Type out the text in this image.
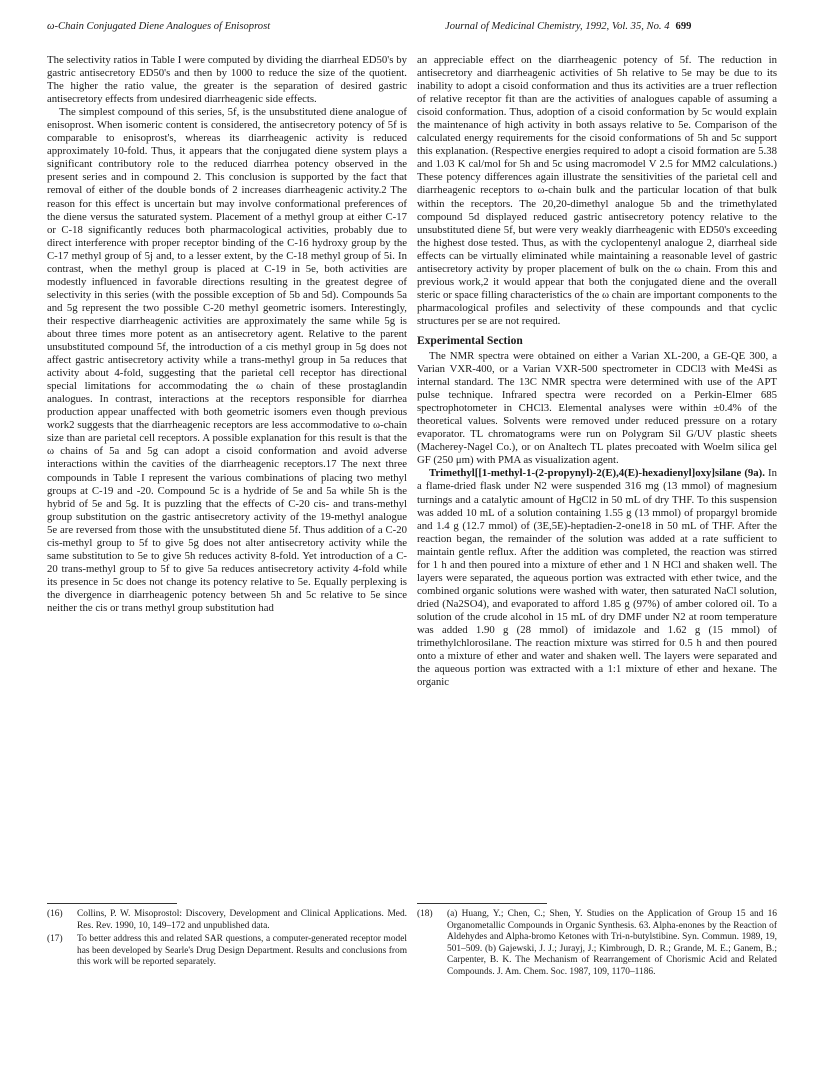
ω-Chain Conjugated Diene Analogues of Enisoprost	Journal of Medicinal Chemistry, 1992, Vol. 35, No. 4 699

The selectivity ratios in Table I were computed by dividing the diarrheal ED50's by gastric antisecretory ED50's and then by 1000 to reduce the size of the quotient. The higher the ratio value, the greater is the separation of desired gastric antisecretory effects from undesired diarrheagenic side effects.

The simplest compound of this series, 5f, is the unsubstituted diene analogue of enisoprost. When isomeric content is considered, the antisecretory potency of 5f is comparable to enisoprost's, whereas its diarrheagenic activity is reduced approximately 10-fold. Thus, it appears that the conjugated diene system plays a significant contributory role to the reduced diarrhea potency observed in the present series and in compound 2. This conclusion is supported by the fact that removal of either of the double bonds of 2 increases diarrheagenic activity.2 The reason for this effect is uncertain but may involve conformational preferences of the diene versus the saturated system. Placement of a methyl group at either C-17 or C-18 significantly reduces both pharmacological activities, probably due to direct interference with proper receptor binding of the C-16 hydroxy group by the C-17 methyl group of 5j and, to a lesser extent, by the C-18 methyl group of 5i. In contrast, when the methyl group is placed at C-19 in 5e, both activities are modestly influenced in favorable directions resulting in the greatest degree of selectivity in this series (with the possible exception of 5b and 5d). Compounds 5a and 5g represent the two possible C-20 methyl geometric isomers. Interestingly, their respective diarrheagenic activities are approximately the same while 5g is about three times more potent as an antisecretory agent. Relative to the parent unsubstituted compound 5f, the introduction of a cis methyl group in 5g does not affect gastric antisecretory activity while a trans-methyl group in 5a reduces that activity about 4-fold, suggesting that the parietal cell receptor has directional special limitations for accommodating the ω chain of these prostaglandin analogues. In contrast, interactions at the receptors responsible for diarrhea production appear unaffected with both geometric isomers even though previous work2 suggests that the diarrheagenic receptors are less accommodative to ω-chain size than are parietal cell receptors. A possible explanation for this result is that the ω chains of 5a and 5g can adopt a cisoid conformation and avoid adverse interactions within the cavities of the diarrheagenic receptors.17 The next three compounds in Table I represent the various combinations of placing two methyl groups at C-19 and -20. Compound 5c is a hydride of 5e and 5a while 5h is the hybrid of 5e and 5g. It is puzzling that the effects of C-20 cis- and trans-methyl group substitution on the gastric antisecretory activity of the 19-methyl analogue 5e are reversed from those with the unsubstituted diene 5f. Thus addition of a C-20 cis-methyl group to 5f to give 5g does not alter antisecretory activity while the same substitution to 5e to give 5h reduces activity 8-fold. Yet introduction of a C-20 trans-methyl group to 5f to give 5a reduces antisecretory activity 4-fold while its presence in 5c does not change its potency relative to 5e. Equally perplexing is the divergence in diarrheagenic potency between 5h and 5c relative to 5e since neither the cis or trans methyl group substitution had

an appreciable effect on the diarrheagenic potency of 5f. The reduction in antisecretory and diarrheagenic activities of 5h relative to 5e may be due to its inability to adopt a cisoid conformation and thus its activities are a truer reflection of relative receptor fit than are the activities of analogues capable of assuming a cisoid conformation. Thus, adoption of a cisoid conformation by 5c would explain the maintenance of high activity in both assays relative to 5e. Comparison of the calculated energy requirements for the cisoid conformations of 5h and 5c support this explanation. (Respective energies required to adopt a cisoid formation are 5.38 and 1.03 K cal/mol for 5h and 5c using macromodel V 2.5 for MM2 calculations.) These potency differences again illustrate the sensitivities of the parietal cell and diarrheagenic receptors to ω-chain bulk and the particular location of that bulk within the receptors. The 20,20-dimethyl analogue 5b and the trimethylated compound 5d displayed reduced gastric antisecretory potency relative to the unsubstituted diene 5f, but were very weakly diarrheagenic with ED50's exceeding the highest dose tested. Thus, as with the cyclopentenyl analogue 2, diarrheal side effects can be virtually eliminated while maintaining a reasonable level of gastric antisecretory activity by proper placement of bulk on the ω chain. From this and previous work,2 it would appear that both the conjugated diene and the overall steric or space filling characteristics of the ω chain are important components to the pharmacological profiles and selectivity of these compounds and that cyclic structures per se are not required.

Experimental Section

The NMR spectra were obtained on either a Varian XL-200, a GE-QE 300, a Varian VXR-400, or a Varian VXR-500 spectrometer in CDCl3 with Me4Si as internal standard. The 13C NMR spectra were determined with use of the APT pulse technique. Infrared spectra were recorded on a Perkin-Elmer 685 spectrophotometer in CHCl3. Elemental analyses were within ±0.4% of the theoretical values. Solvents were removed under reduced pressure on a rotary evaporator. TL chromatograms were run on Polygram Sil G/UV plastic sheets (Macherey-Nagel Co.), or on Analtech TL plates precoated with Woelm silica gel GF (250 μm) with PMA as visualization agent.

Trimethyl[[1-methyl-1-(2-propynyl)-2(E),4(E)-hexadienyl]oxy]silane (9a). In a flame-dried flask under N2 were suspended 316 mg (13 mmol) of magnesium turnings and a catalytic amount of HgCl2 in 50 mL of dry THF. To this suspension was added 10 mL of a solution containing 1.55 g (13 mmol) of propargyl bromide and 1.4 g (12.7 mmol) of (3E,5E)-heptadien-2-one18 in 50 mL of THF. After the reaction began, the remainder of the solution was added at a rate sufficient to maintain gentle reflux. After the addition was completed, the reaction was stirred for 1 h and then poured into a mixture of ether and 1 N HCl and shaken well. The layers were separated, the aqueous portion was extracted with ether twice, and the combined organic solutions were washed with water, then saturated NaCl solution, dried (Na2SO4), and evaporated to afford 1.85 g (97%) of amber colored oil. To a solution of the crude alcohol in 15 mL of dry DMF under N2 at room temperature was added 1.90 g (28 mmol) of imidazole and 1.62 g (15 mmol) of trimethylchlorosilane. The reaction mixture was stirred for 0.5 h and then poured onto a mixture of ether and water and shaken well. The layers were separated and the aqueous portion was extracted with a 1:1 mixture of ether and hexane. The organic

(16)	Collins, P. W. Misoprostol: Discovery, Development and Clinical Applications. Med. Res. Rev. 1990, 10, 149–172 and unpublished data.
(17)	To better address this and related SAR questions, a computer-generated receptor model has been developed by Searle's Drug Design Department. Results and conclusions from this work will be reported separately.
(18)	(a) Huang, Y.; Chen, C.; Shen, Y. Studies on the Application of Group 15 and 16 Organometallic Compounds in Organic Synthesis. 63. Alpha-enones by the Reaction of Aldehydes and Alpha-bromo Ketones with Tri-n-butylstibine. Syn. Commun. 1989, 19, 501–509. (b) Gajewski, J. J.; Jurayj, J.; Kimbrough, D. R.; Grande, M. E.; Ganem, B.; Carpenter, B. K. The Mechanism of Rearrangement of Chorismic Acid and Related Compounds. J. Am. Chem. Soc. 1987, 109, 1170–1186.
